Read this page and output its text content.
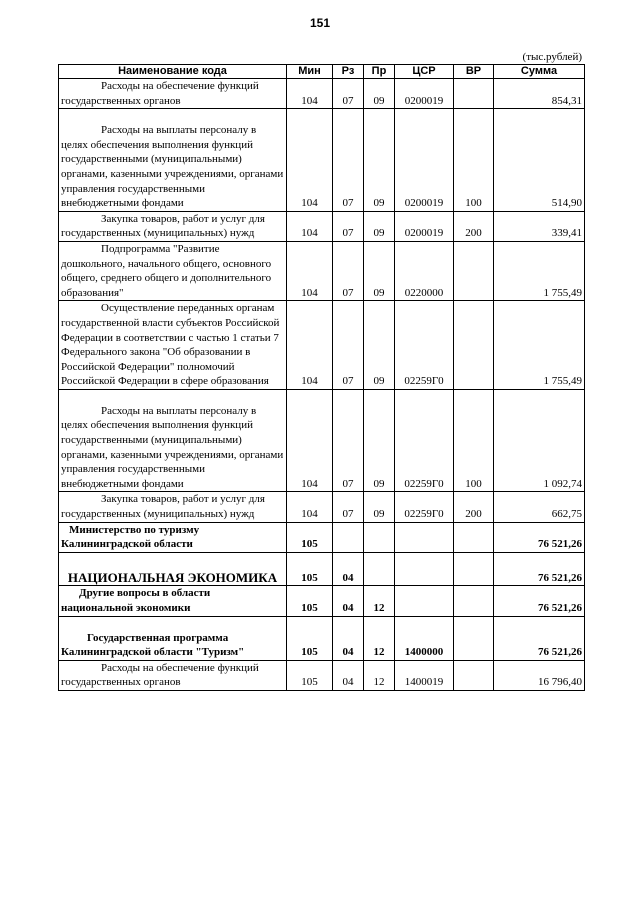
151
(тыс.рублей)
Наименование кода	Мин	Рз	Пр	ЦСР	ВР	Сумма
Расходы на обеспечение функций государственных органов	104	07	09	0200019		854,31

Расходы на выплаты персоналу в целях обеспечения выполнения функций государственными (муниципальными) органами, казенными учреждениями, органами управления государственными внебюджетными фондами	104	07	09	0200019	100	514,90
Закупка товаров, работ и услуг для государственных (муниципальных) нужд	104	07	09	0200019	200	339,41
Подпрограмма "Развитие дошкольного, начального общего, основного общего, среднего общего и дополнительного образования"	104	07	09	0220000		1 755,49
Осуществление переданных органам государственной власти субъектов Российской Федерации в соответствии с частью 1 статьи 7 Федерального закона "Об образовании в Российской Федерации" полномочий Российской Федерации в сфере образования	104	07	09	02259Г0		1 755,49

Расходы на выплаты персоналу в целях обеспечения выполнения функций государственными (муниципальными) органами, казенными учреждениями, органами управления государственными внебюджетными фондами	104	07	09	02259Г0	100	1 092,74
Закупка товаров, работ и услуг для государственных (муниципальных) нужд	104	07	09	02259Г0	200	662,75
Министерство по туризму Калининградской области	105					76 521,26

НАЦИОНАЛЬНАЯ ЭКОНОМИКА	105	04				76 521,26
Другие вопросы в области национальной экономики	105	04	12			76 521,26

Государственная программа Калининградской области "Туризм"	105	04	12	1400000		76 521,26
Расходы на обеспечение функций государственных органов	105	04	12	1400019		16 796,40
